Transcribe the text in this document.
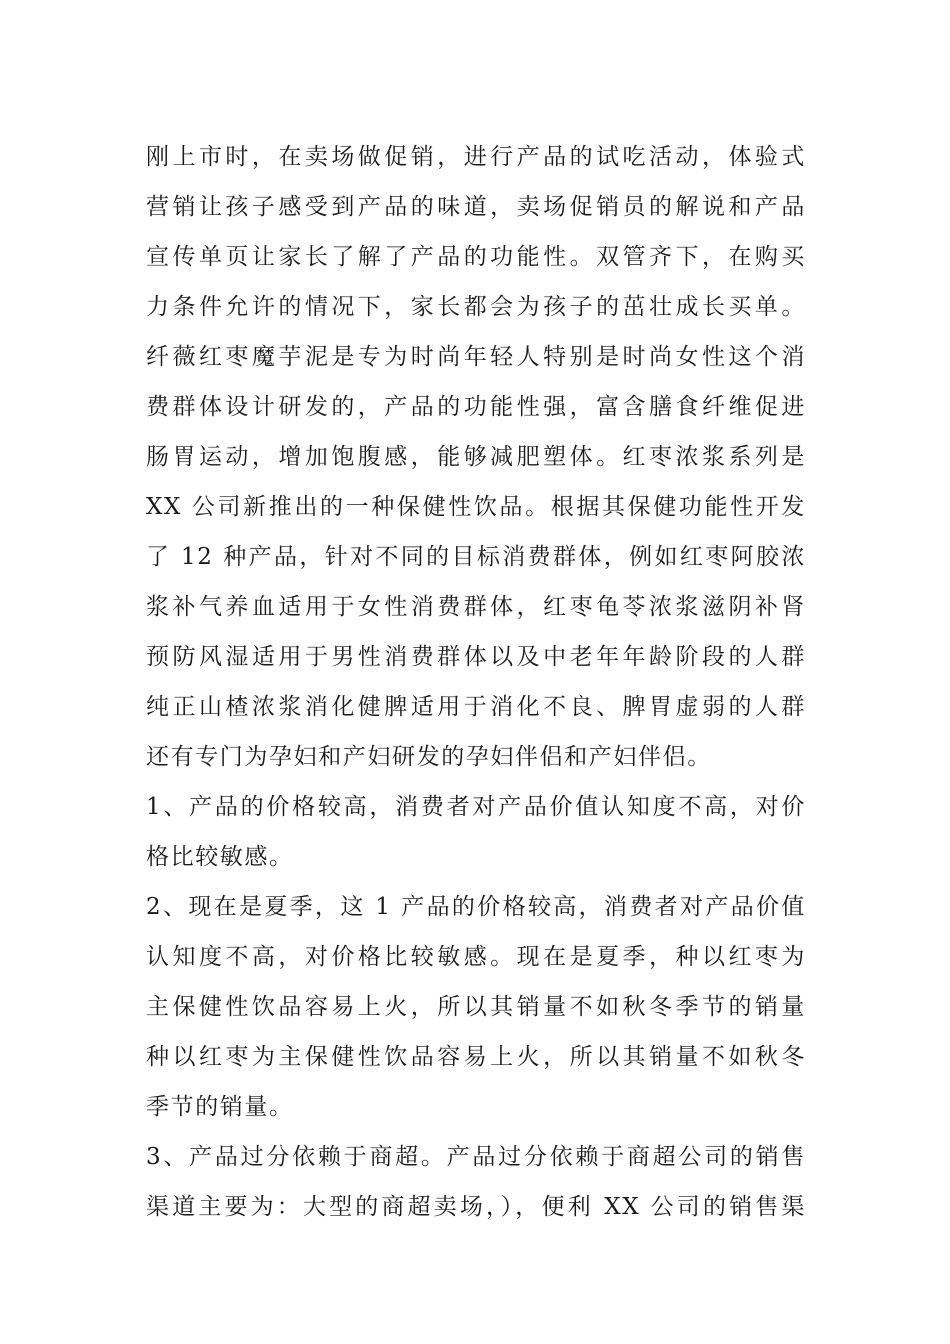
刚上市时，在卖场做促销，进行产品的试吃活动，体验式
营销让孩子感受到产品的味道，卖场促销员的解说和产品
宣传单页让家长了解了产品的功能性。双管齐下，在购买
力条件允许的情况下，家长都会为孩子的茁壮成长买单。
纤薇红枣魔芋泥是专为时尚年轻人特别是时尚女性这个消
费群体设计研发的，产品的功能性强，富含膳食纤维促进
肠胃运动，增加饱腹感，能够减肥塑体。红枣浓浆系列是
XX 公司新推出的一种保健性饮品。根据其保健功能性开发
了 12 种产品，针对不同的目标消费群体，例如红枣阿胶浓
浆补气养血适用于女性消费群体，红枣龟苓浓浆滋阴补肾
预防风湿适用于男性消费群体以及中老年年龄阶段的人群
纯正山楂浓浆消化健脾适用于消化不良、脾胃虚弱的人群
还有专门为孕妇和产妇研发的孕妇伴侣和产妇伴侣。
1、产品的价格较高，消费者对产品价值认知度不高，对价
格比较敏感。
2、现在是夏季，这 1 产品的价格较高，消费者对产品价值
认知度不高，对价格比较敏感。现在是夏季，种以红枣为
主保健性饮品容易上火，所以其销量不如秋冬季节的销量
种以红枣为主保健性饮品容易上火，所以其销量不如秋冬
季节的销量。
3、产品过分依赖于商超。产品过分依赖于商超公司的销售
渠道主要为：大型的商超卖场，），便利 XX 公司的销售渠
